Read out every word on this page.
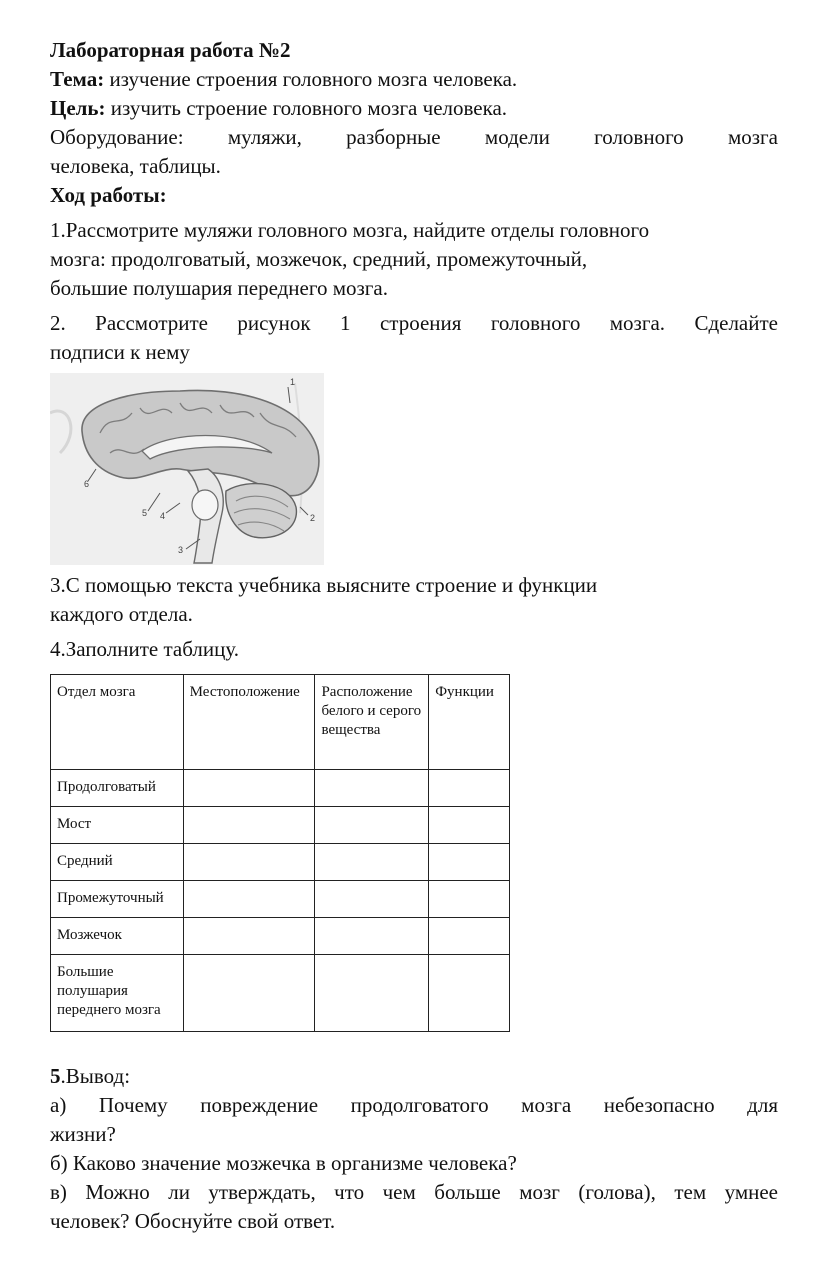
Лабораторная работа №2

Тема: изучение строения головного мозга человека.

Цель: изучить строение головного мозга человека.

Оборудование: муляжи, разборные модели головного мозга

человека, таблицы.

Ход работы:

1.Рассмотрите муляжи головного мозга, найдите отделы головного

мозга: продолговатый, мозжечок, средний, промежуточный,

большие полушария переднего мозга.

2. Рассмотрите рисунок 1 строения головного мозга. Сделайте

подписи к нему

1
2
3
4
5
6

3.С помощью текста учебника выясните строение и функции

каждого отдела.

4.Заполните таблицу.

Отдел мозга	Местоположение	Расположение белого и серого вещества	Функции
Продолговатый			
Мост			
Средний			
Промежуточный			
Мозжечок			
Большие полушария переднего мозга			

5.Вывод:

а) Почему повреждение продолговатого мозга небезопасно для

жизни?

б) Каково значение мозжечка в организме человека?

в) Можно ли утверждать, что чем больше мозг (голова), тем умнее

человек? Обоснуйте свой ответ.
